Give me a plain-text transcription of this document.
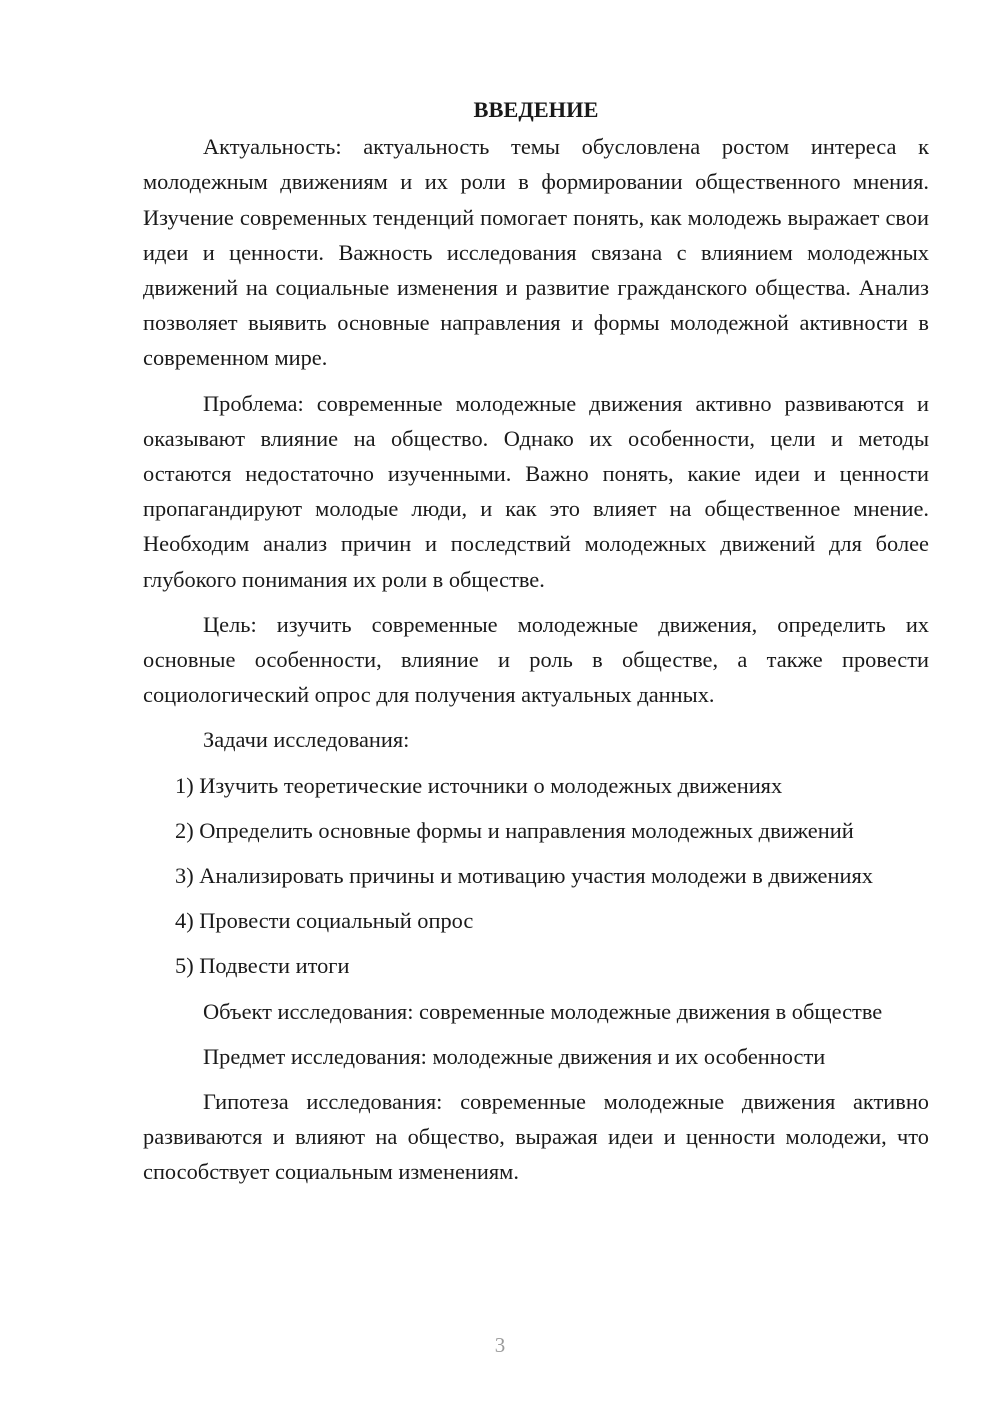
ВВЕДЕНИЕ

Актуальность: актуальность темы обусловлена ростом интереса к молодежным движениям и их роли в формировании общественного мнения. Изучение современных тенденций помогает понять, как молодежь выражает свои идеи и ценности. Важность исследования связана с влиянием молодежных движений на социальные изменения и развитие гражданского общества. Анализ позволяет выявить основные направления и формы молодежной активности в современном мире.

Проблема: современные молодежные движения активно развиваются и оказывают влияние на общество. Однако их особенности, цели и методы остаются недостаточно изученными. Важно понять, какие идеи и ценности пропагандируют молодые люди, и как это влияет на общественное мнение. Необходим анализ причин и последствий молодежных движений для более глубокого понимания их роли в обществе.

Цель: изучить современные молодежные движения, определить их основные особенности, влияние и роль в обществе, а также провести социологический опрос для получения актуальных данных.

Задачи исследования:

1) Изучить теоретические источники о молодежных движениях

2) Определить основные формы и направления молодежных движений

3) Анализировать причины и мотивацию участия молодежи в движениях

4) Провести социальный опрос

5) Подвести итоги

Объект исследования: современные молодежные движения в обществе

Предмет исследования: молодежные движения и их особенности

Гипотеза исследования: современные молодежные движения активно развиваются и влияют на общество, выражая идеи и ценности молодежи, что способствует социальным изменениям.

3
